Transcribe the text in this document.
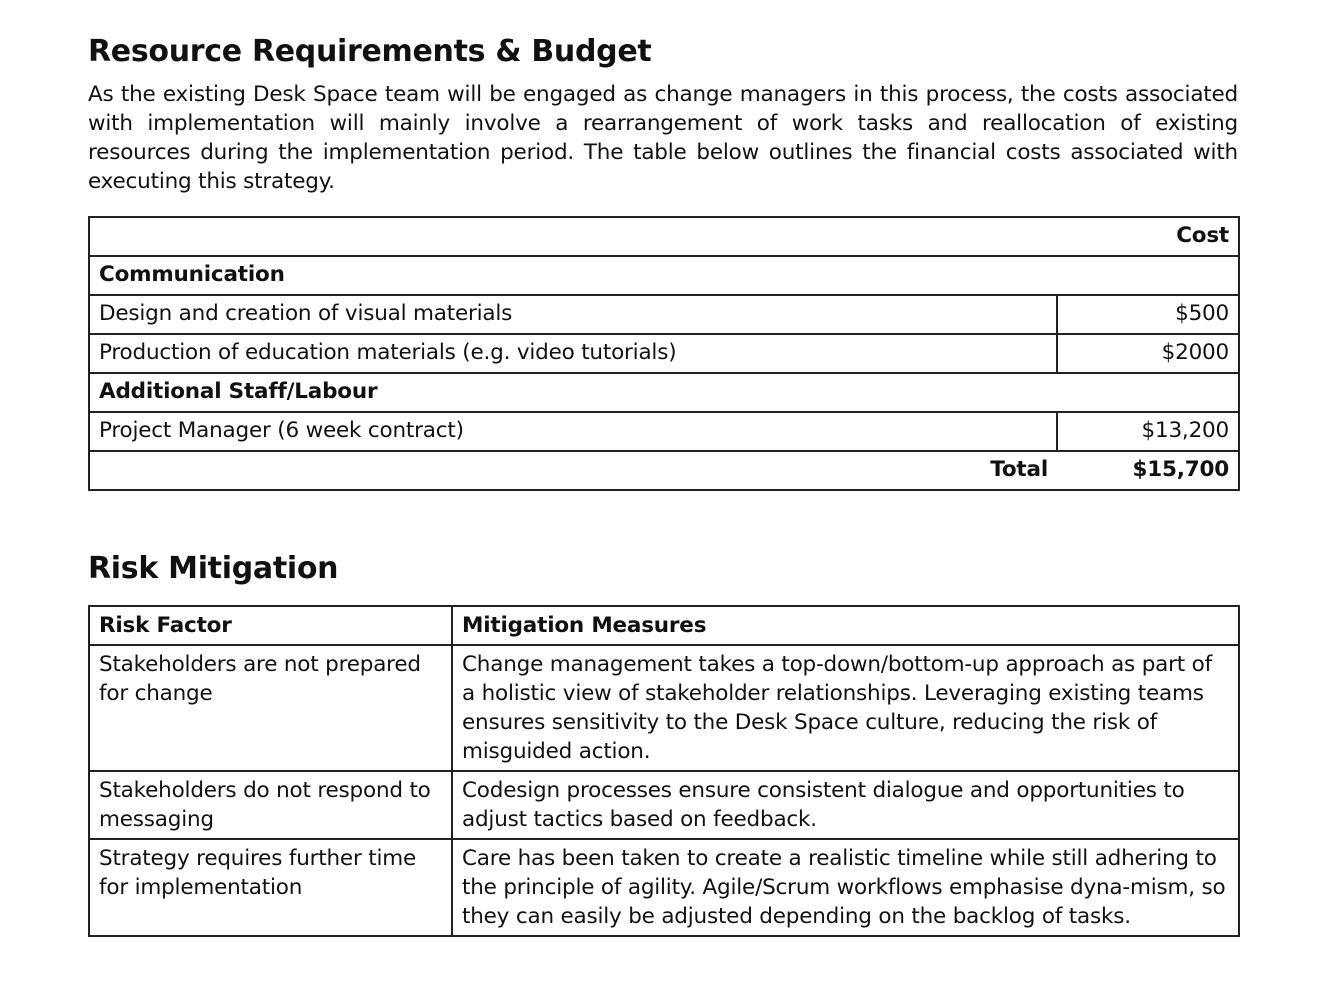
Resource Requirements & Budget

As the existing Desk Space team will be engaged as change managers in this process, the costs associated with implementation will mainly involve a rearrangement of work tasks and reallocation of existing resources during the implementation period. The table below outlines the financial costs associated with executing this strategy.

Cost	
Communication	
Design and creation of visual materials	$500
Production of education materials (e.g. video tutorials)	$2000
Additional Staff/Labour	
Project Manager (6 week contract)	$13,200
Total	$15,700
Risk Mitigation
Risk Factor	Mitigation Measures
Stakeholders are not prepared for change	Change management takes a top-down/bottom-up approach as part of a holistic view of stakeholder relationships. Leveraging existing teams ensures sensitivity to the Desk Space culture, reducing the risk of misguided action.
Stakeholders do not respond to messaging	Codesign processes ensure consistent dialogue and opportunities to adjust tactics based on feedback.
Strategy requires further time for implementation	Care has been taken to create a realistic timeline while still adhering to the principle of agility. Agile/Scrum workflows emphasise dyna-mism, so they can easily be adjusted depending on the backlog of tasks.
